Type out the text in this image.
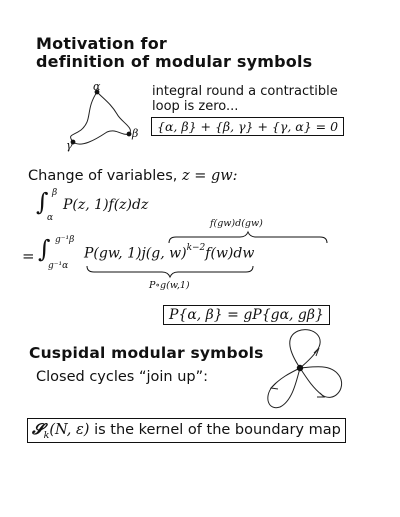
Motivation for
definition of modular symbols
α
γ
β
integral round a contractible
loop is zero...
{α, β} + {β, γ} + {γ, α} = 0
Change of variables, z = gw:
∫ β
α
P(z, 1)f(z)dz
f(gw)d(gw)
= ∫ g⁻¹β
g⁻¹α
P(gw, 1)j(g, w)$^{k-2}$f(w)dw
P∘g(w,1)
P{α, β} = gP{gα, gβ}
Cuspidal modular symbols
Closed cycles “join up”:
𝓢$_k$(N, ε) is the kernel of the boundary map
